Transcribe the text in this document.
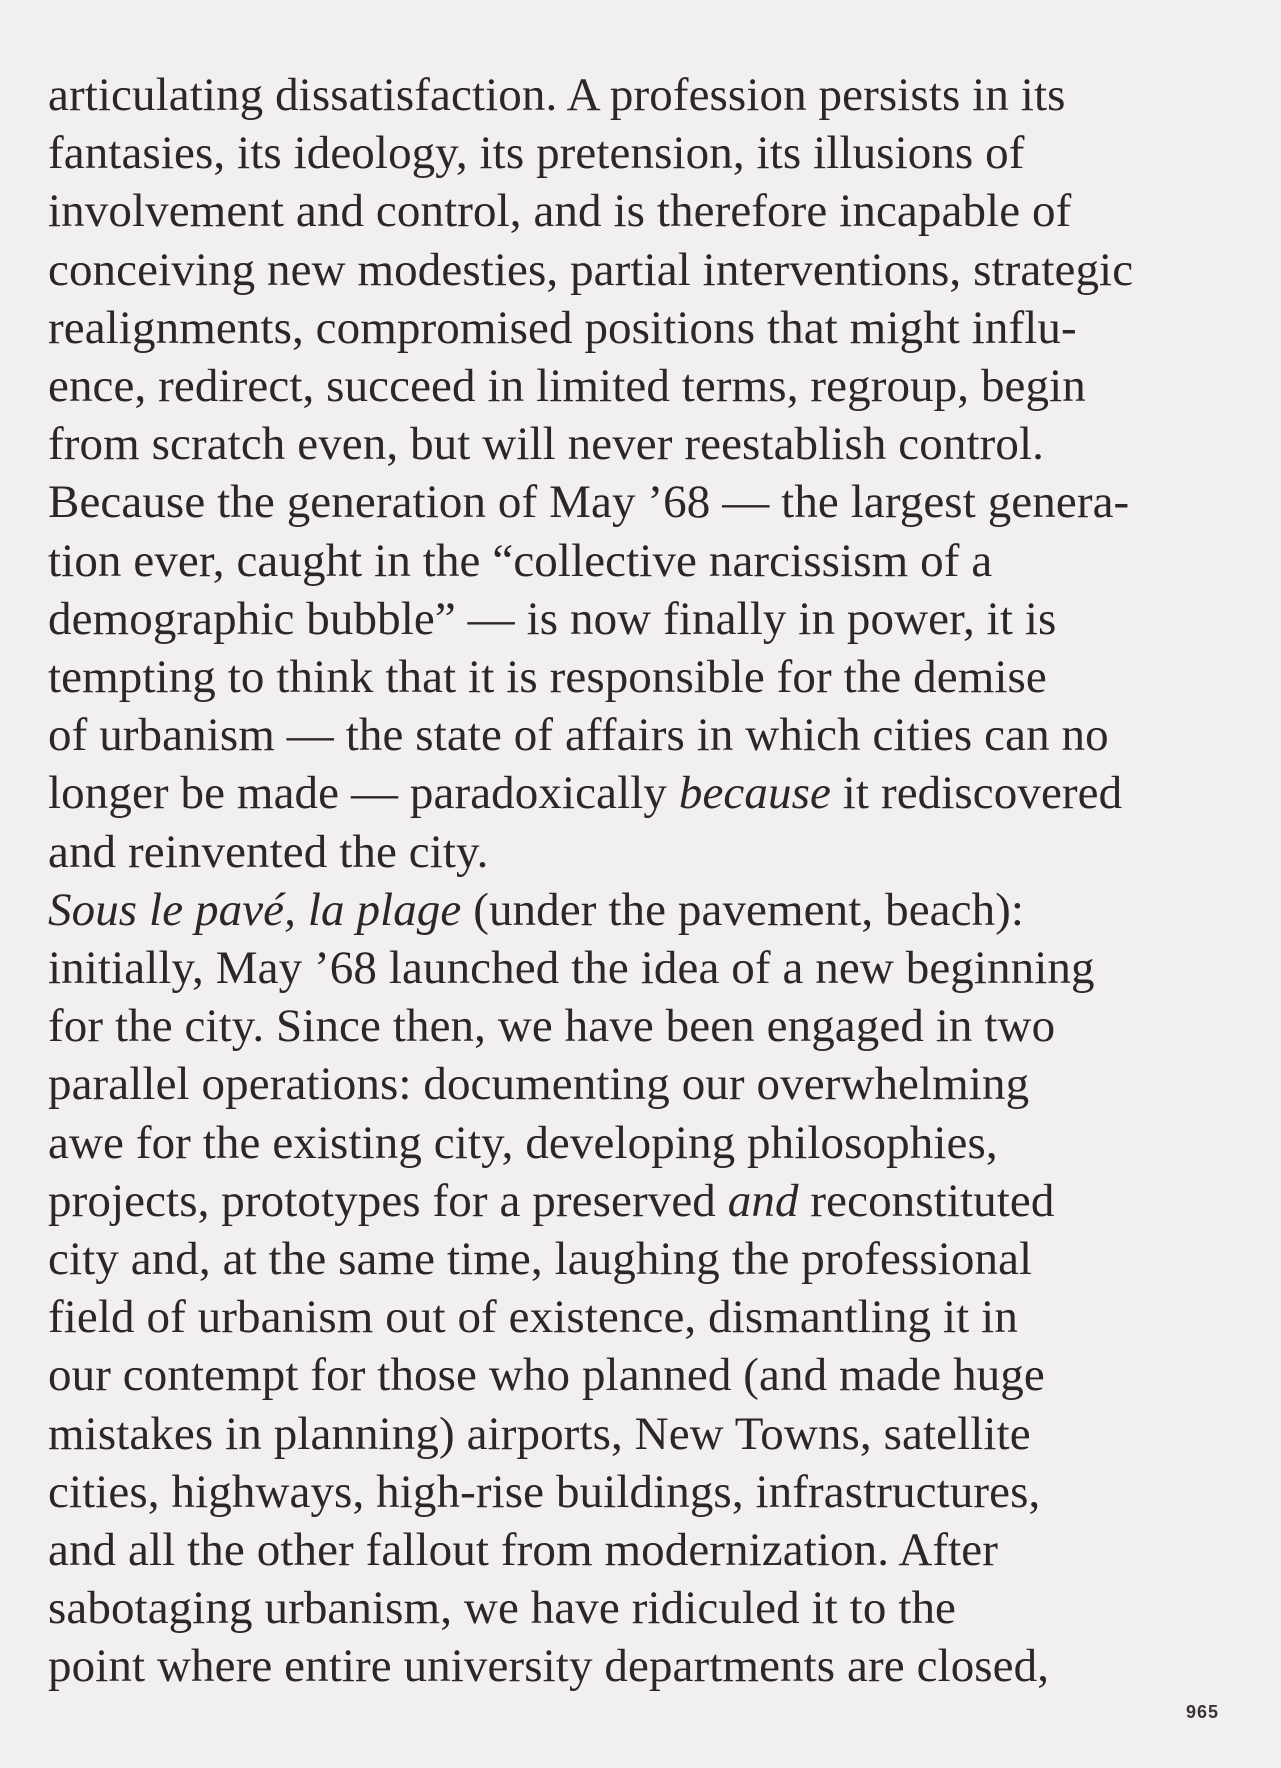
articulating dissatisfaction. A profession persists in its
fantasies, its ideology, its pretension, its illusions of
involvement and control, and is therefore incapable of
conceiving new modesties, partial interventions, strategic
realignments, compromised positions that might influ-
ence, redirect, succeed in limited terms, regroup, begin
from scratch even, but will never reestablish control.
Because the generation of May ’68 — the largest genera-
tion ever, caught in the “collective narcissism of a
demographic bubble” — is now finally in power, it is
tempting to think that it is responsible for the demise
of urbanism — the state of affairs in which cities can no
longer be made — paradoxically because it rediscovered
and reinvented the city.
Sous le pavé, la plage (under the pavement, beach):
initially, May ’68 launched the idea of a new beginning
for the city. Since then, we have been engaged in two
parallel operations: documenting our overwhelming
awe for the existing city, developing philosophies,
projects, prototypes for a preserved and reconstituted
city and, at the same time, laughing the professional
field of urbanism out of existence, dismantling it in
our contempt for those who planned (and made huge
mistakes in planning) airports, New Towns, satellite
cities, highways, high-rise buildings, infrastructures,
and all the other fallout from modernization. After
sabotaging urbanism, we have ridiculed it to the
point where entire university departments are closed,
965
